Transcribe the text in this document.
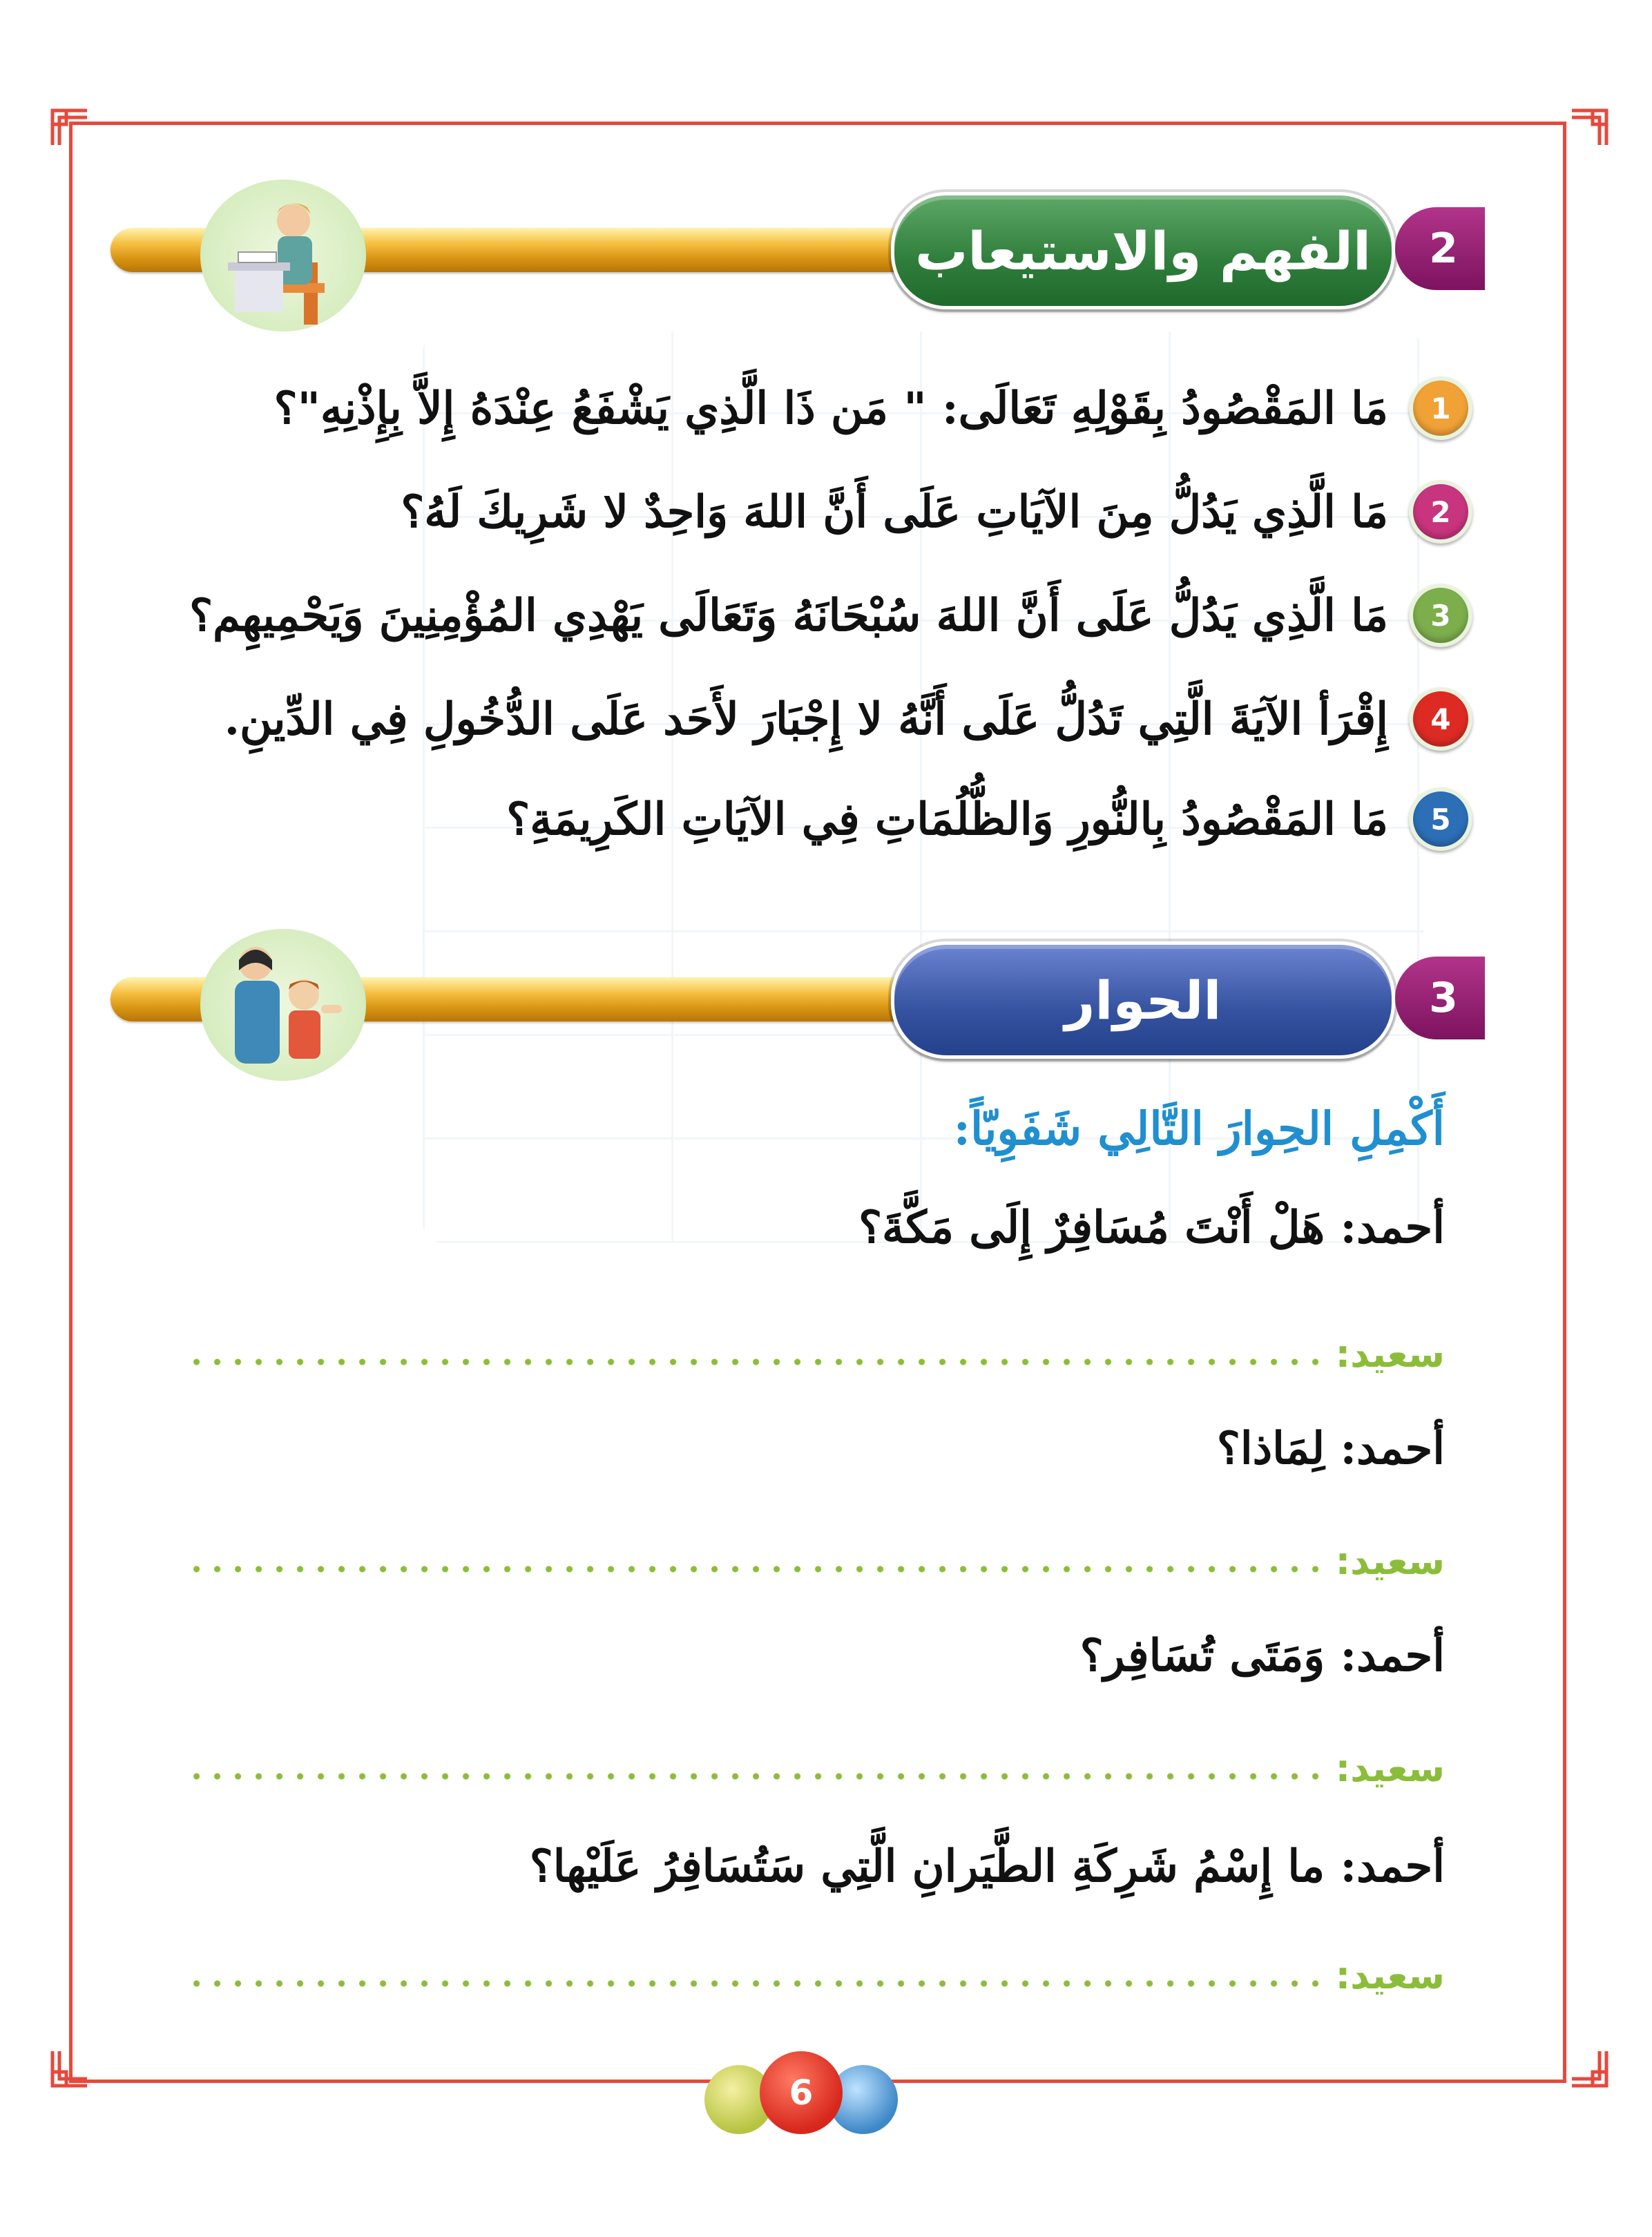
الفهم والاستيعاب 2
1
مَا المَقْصُودُ بِقَوْلِهِ تَعَالَى: " مَن ذَا الَّذِي يَشْفَعُ عِنْدَهُ إِلاَّ بِإِذْنِهِ"؟
2
مَا الَّذِي يَدُلُّ مِنَ الآيَاتِ عَلَى أَنَّ اللهَ وَاحِدٌ لا شَرِيكَ لَهُ؟
3
مَا الَّذِي يَدُلُّ عَلَى أَنَّ اللهَ سُبْحَانَهُ وَتَعَالَى يَهْدِي المُؤْمِنِينَ وَيَحْمِيهِم؟
4
إِقْرَأ الآيَةَ الَّتِي تَدُلُّ عَلَى أَنَّهُ لا إِجْبَارَ لأَحَد عَلَى الدُّخُولِ فِي الدِّينِ.
5
مَا المَقْصُودُ بِالنُّورِ وَالظُّلُمَاتِ فِي الآيَاتِ الكَرِيمَةِ؟
الحوار	3
أَكْمِلِ الحِوارَ التَّالِي شَفَوِيّاً:
أحمد: هَلْ أَنْتَ مُسَافِرٌ إِلَى مَكَّةَ؟
سعيد:
أحمد: لِمَاذا؟
سعيد:
أحمد: وَمَتَى تُسَافِر؟
سعيد:
أحمد: ما إِسْمُ شَرِكَةِ الطَّيَرانِ الَّتِي سَتُسَافِرُ عَلَيْها؟
سعيد:
6
